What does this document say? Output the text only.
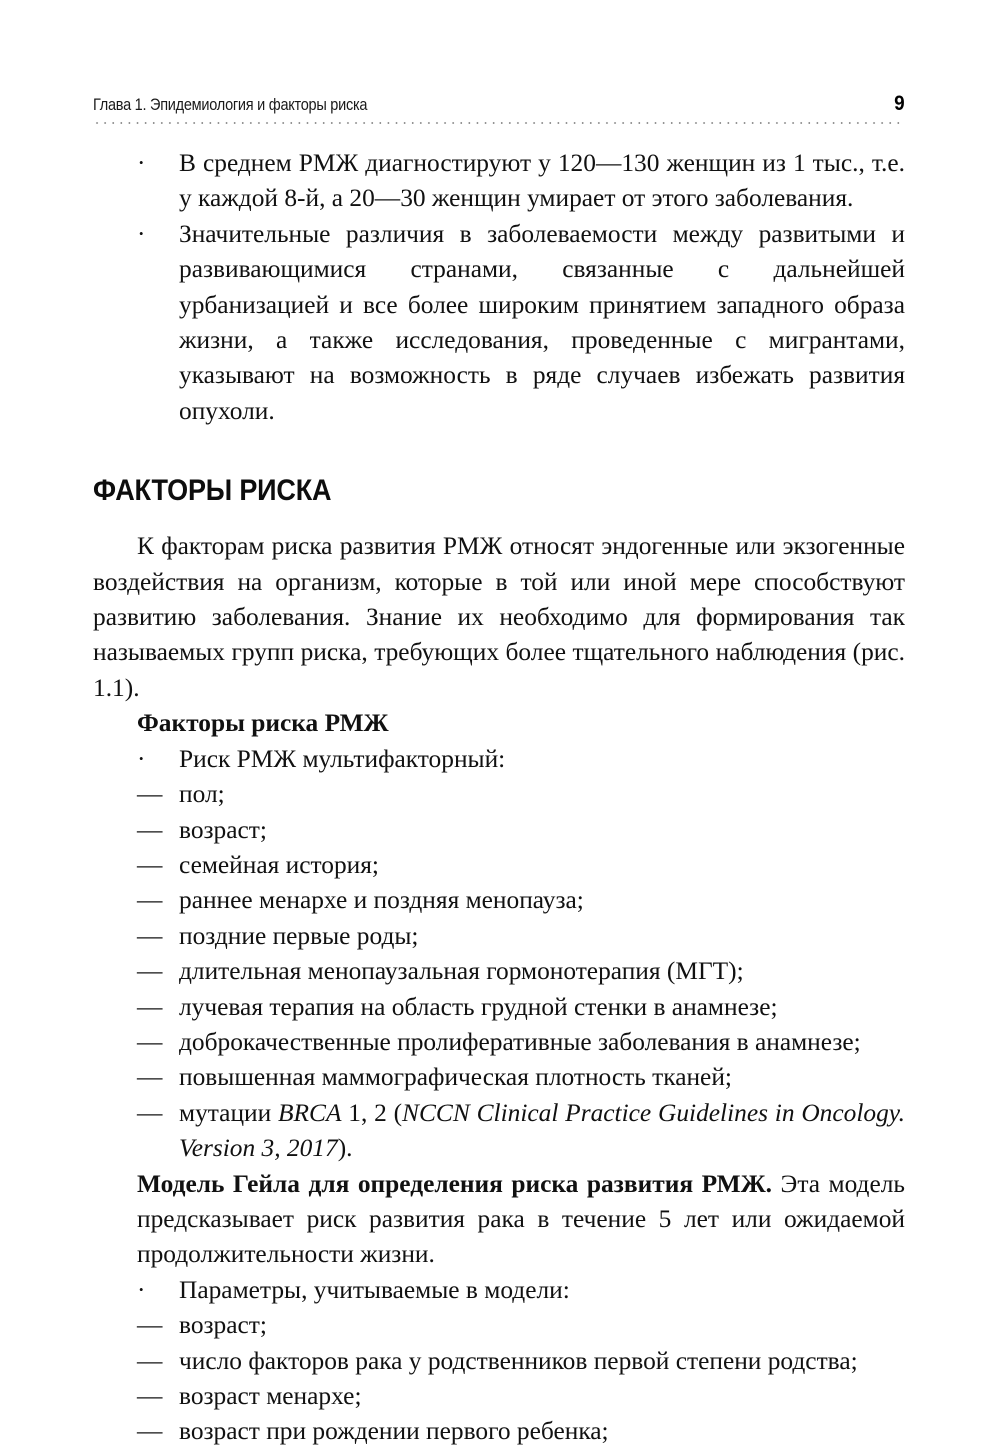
Глава 1. Эпидемиология и факторы риска	9

· В среднем РМЖ диагностируют у 120—130 женщин из 1 тыс., т.е. у каждой 8-й, а 20—30 женщин умирает от этого заболевания.

· Значительные различия в заболеваемости между развитыми и развивающимися странами, связанные с дальнейшей урбанизацией и все более широким принятием западного образа жизни, а также исследования, проведенные с мигрантами, указывают на возможность в ряде случаев избежать развития опухоли.

ФАКТОРЫ РИСКА

К факторам риска развития РМЖ относят эндогенные или экзогенные воздействия на организм, которые в той или иной мере способствуют развитию заболевания. Знание их необходимо для формирования так называемых групп риска, требующих более тщательного наблюдения (рис. 1.1).

Факторы риска РМЖ

· Риск РМЖ мультифакторный:

— пол;

— возраст;

— семейная история;

— раннее менархе и поздняя менопауза;

— поздние первые роды;

— длительная менопаузальная гормонотерапия (МГТ);

— лучевая терапия на область грудной стенки в анамнезе;

— доброкачественные пролиферативные заболевания в анамнезе;

— повышенная маммографическая плотность тканей;

— мутации BRCA 1, 2 (NCCN Clinical Practice Guidelines in Oncology. Version 3, 2017).

Модель Гейла для определения риска развития РМЖ. Эта модель предсказывает риск развития рака в течение 5 лет или ожидаемой продолжительности жизни.

· Параметры, учитываемые в модели:

— возраст;

— число факторов рака у родственников первой степени родства;

— возраст менархе;

— возраст при рождении первого ребенка;
